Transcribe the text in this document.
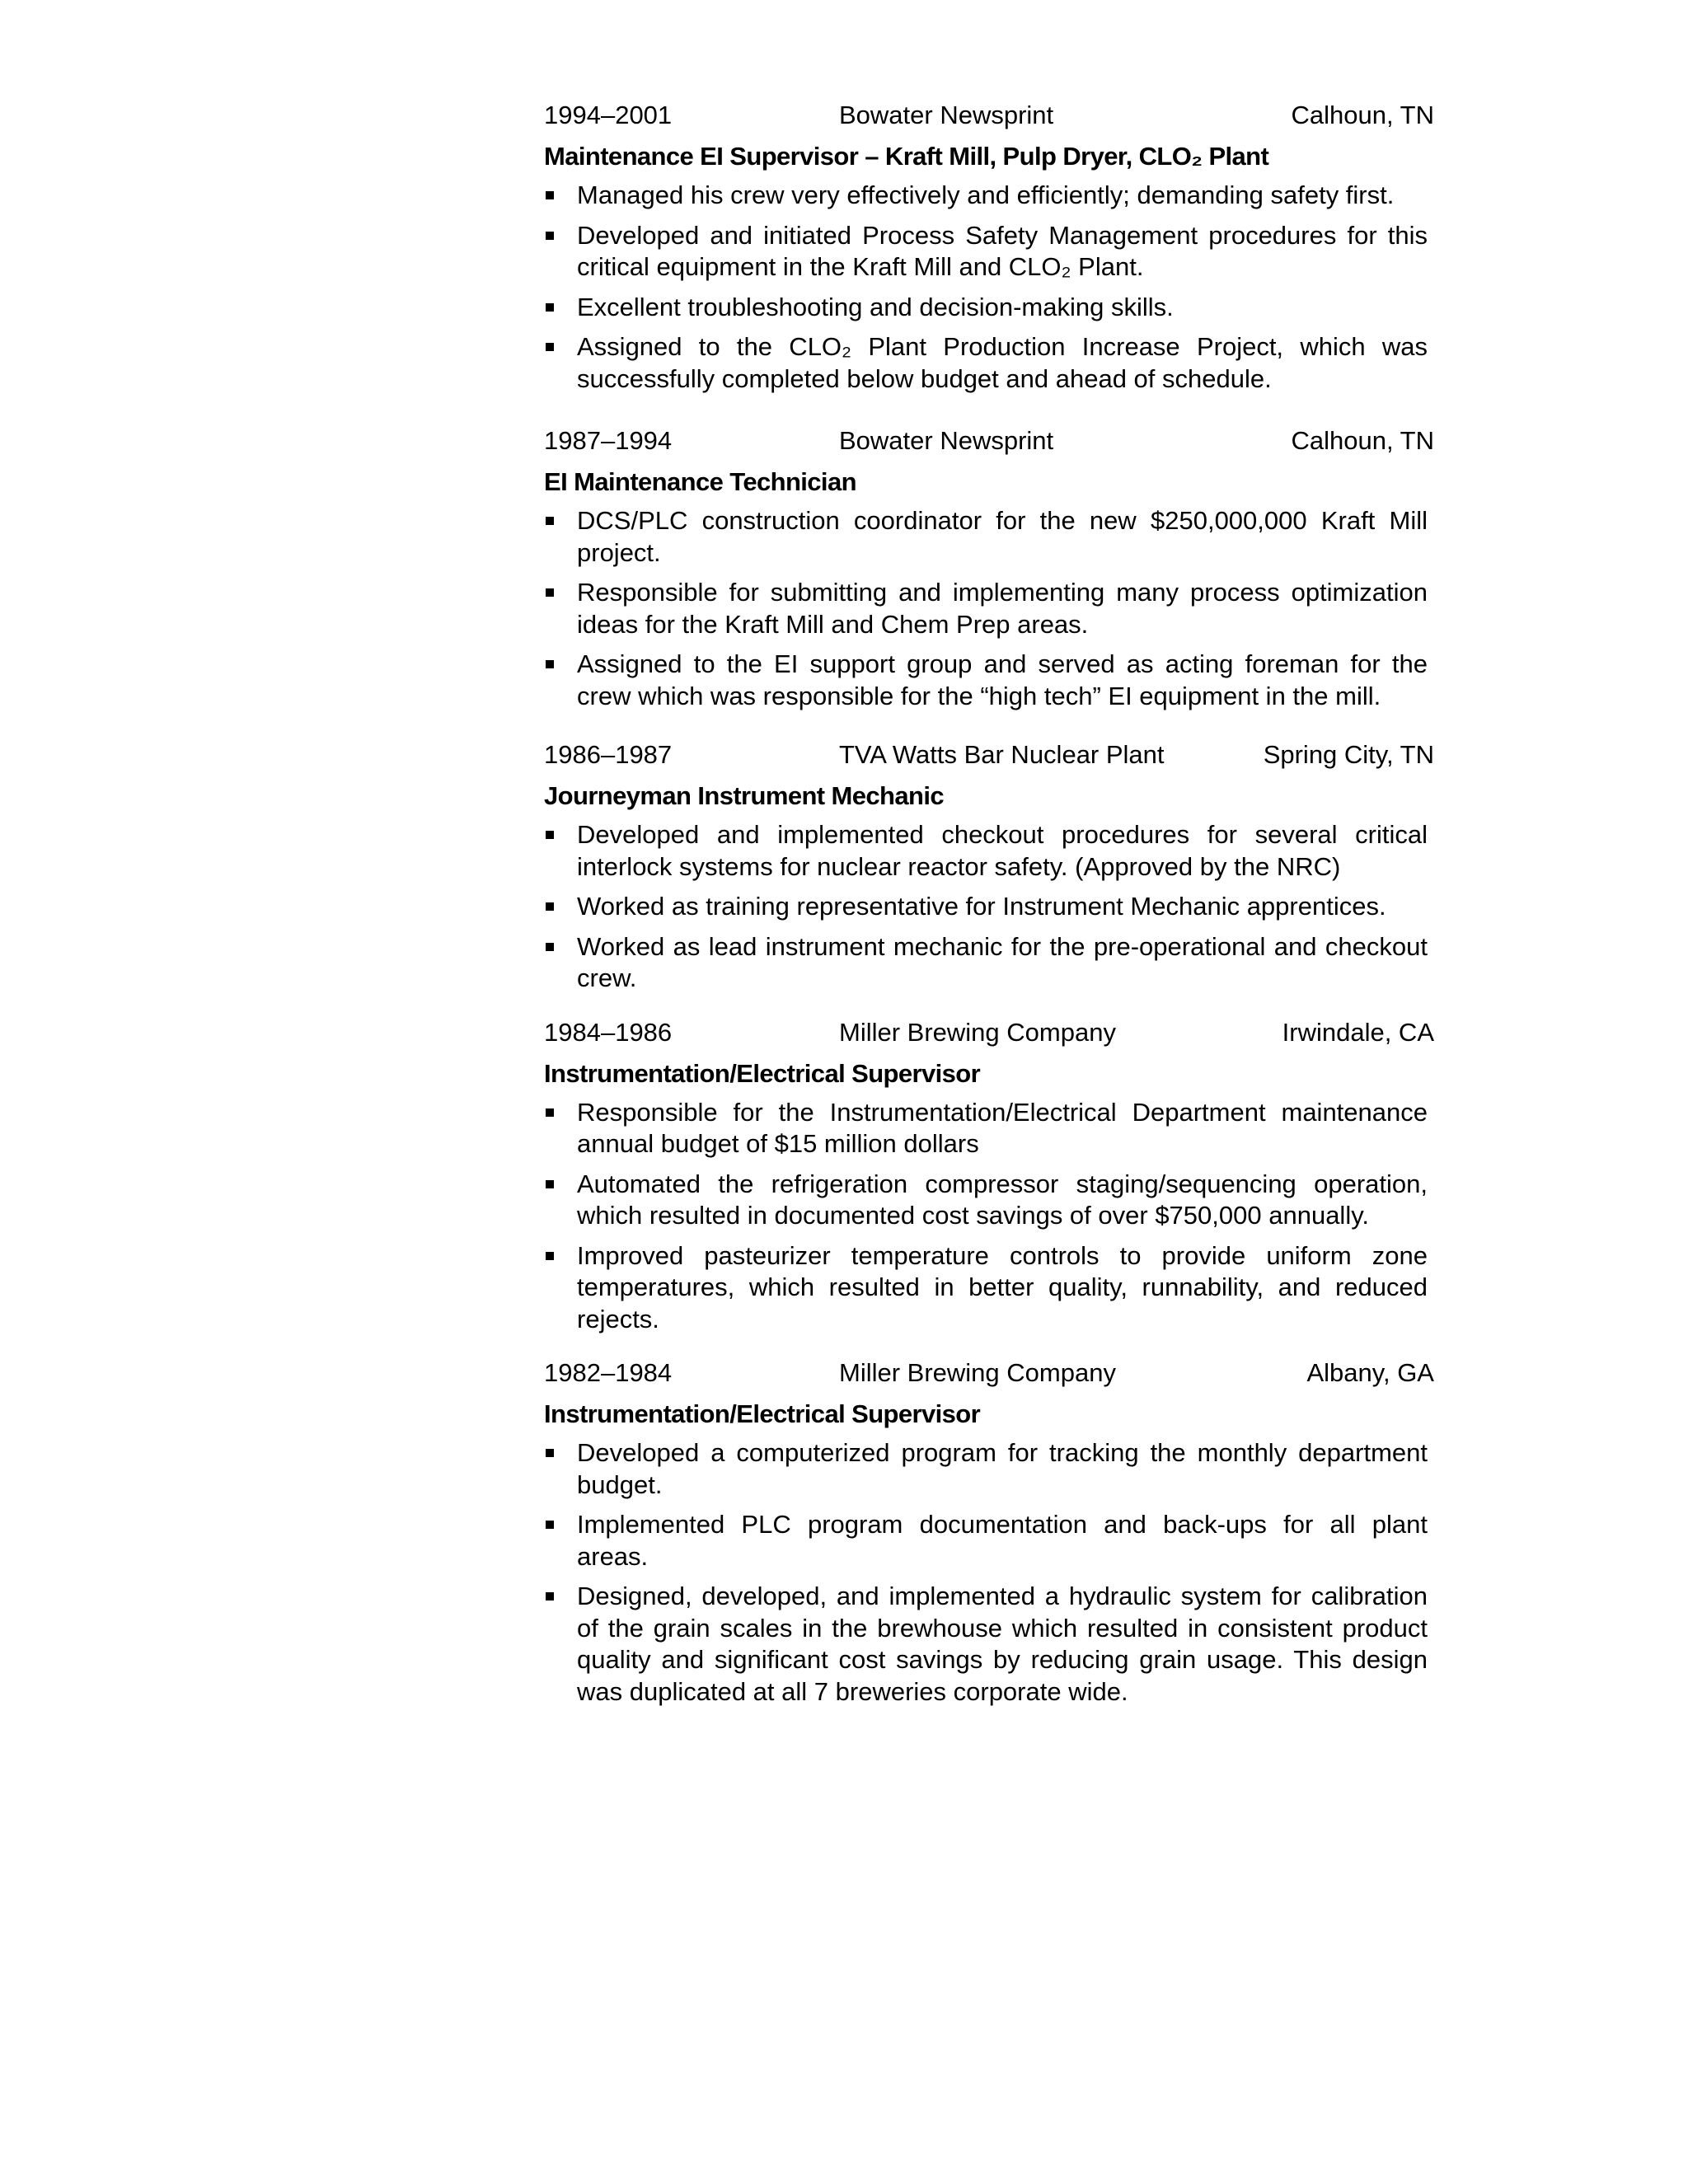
1994–2001	Bowater Newsprint	Calhoun, TN
Maintenance EI Supervisor – Kraft Mill, Pulp Dryer, CLO₂ Plant
Managed his crew very effectively and efficiently; demanding safety first.
Developed and initiated Process Safety Management procedures for this critical equipment in the Kraft Mill and CLO₂ Plant.
Excellent troubleshooting and decision-making skills.
Assigned to the CLO₂ Plant Production Increase Project, which was successfully completed below budget and ahead of schedule.
1987–1994	Bowater Newsprint	Calhoun, TN
EI Maintenance Technician
DCS/PLC construction coordinator for the new $250,000,000 Kraft Mill project.
Responsible for submitting and implementing many process optimization ideas for the Kraft Mill and Chem Prep areas.
Assigned to the EI support group and served as acting foreman for the crew which was responsible for the “high tech” EI equipment in the mill.
1986–1987	TVA Watts Bar Nuclear Plant	Spring City, TN
Journeyman Instrument Mechanic
Developed and implemented checkout procedures for several critical interlock systems for nuclear reactor safety. (Approved by the NRC)
Worked as training representative for Instrument Mechanic apprentices.
Worked as lead instrument mechanic for the pre-operational and checkout crew.
1984–1986	Miller Brewing Company	Irwindale, CA
Instrumentation/Electrical Supervisor
Responsible for the Instrumentation/Electrical Department maintenance annual budget of $15 million dollars
Automated the refrigeration compressor staging/sequencing operation, which resulted in documented cost savings of over $750,000 annually.
Improved pasteurizer temperature controls to provide uniform zone temperatures, which resulted in better quality, runnability, and reduced rejects.
1982–1984	Miller Brewing Company	Albany, GA
Instrumentation/Electrical Supervisor
Developed a computerized program for tracking the monthly department budget.
Implemented PLC program documentation and back-ups for all plant areas.
Designed, developed, and implemented a hydraulic system for calibration of the grain scales in the brewhouse which resulted in consistent product quality and significant cost savings by reducing grain usage. This design was duplicated at all 7 breweries corporate wide.
